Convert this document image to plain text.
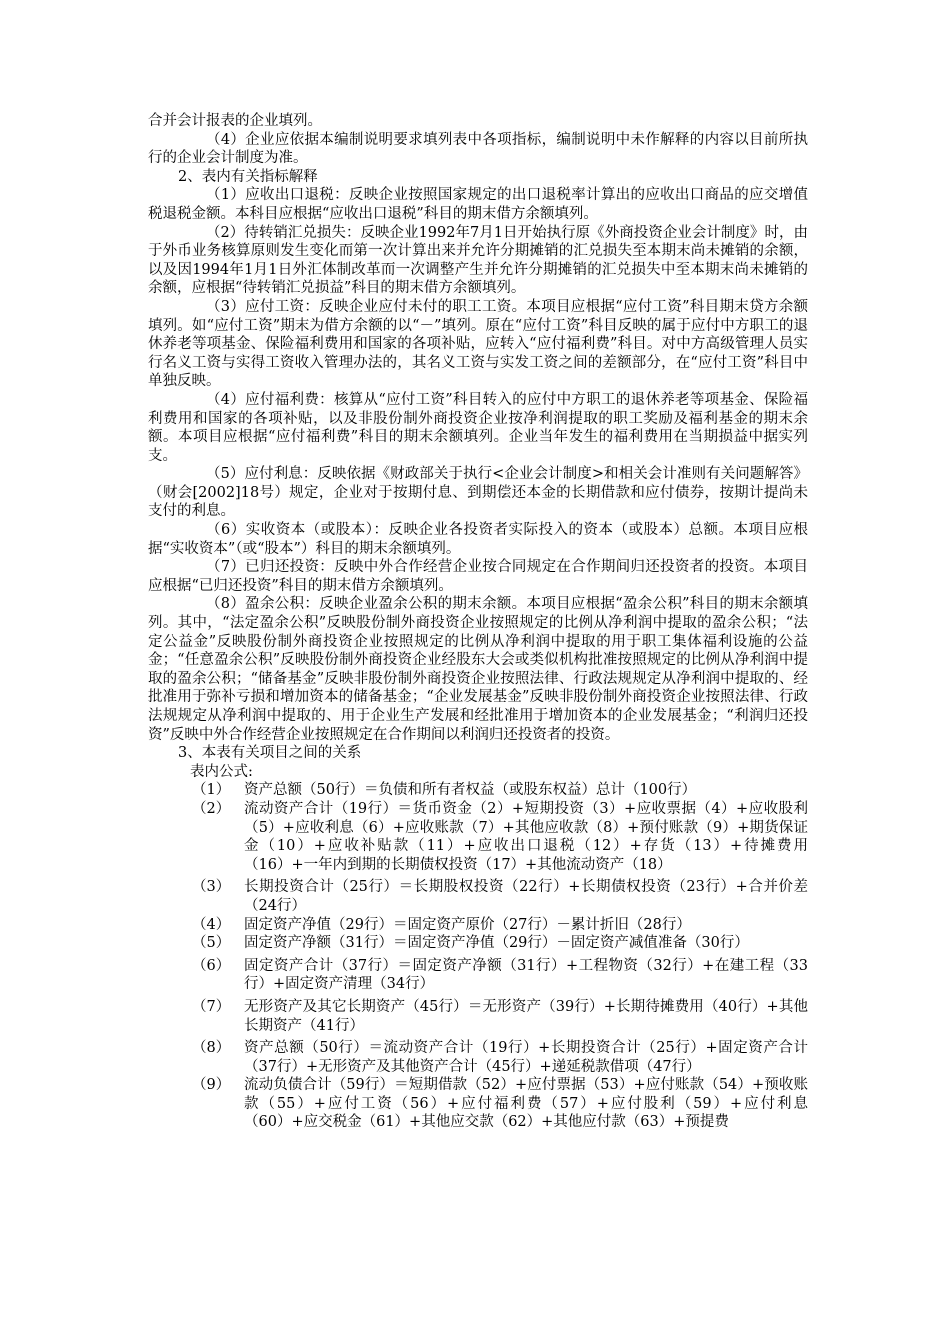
合并会计报表的企业填列。

（4）企业应依据本编制说明要求填列表中各项指标，编制说明中未作解释的内容以目前所执行的企业会计制度为准。

2、表内有关指标解释

（1）应收出口退税：反映企业按照国家规定的出口退税率计算出的应收出口商品的应交增值税退税金额。本科目应根据“应收出口退税”科目的期末借方余额填列。

（2）待转销汇兑损失：反映企业1992年7月1日开始执行原《外商投资企业会计制度》时，由于外币业务核算原则发生变化而第一次计算出来并允许分期摊销的汇兑损失至本期末尚未摊销的余额，以及因1994年1月1日外汇体制改革而一次调整产生并允许分期摊销的汇兑损失中至本期末尚未摊销的余额，应根据“待转销汇兑损益”科目的期末借方余额填列。

（3）应付工资：反映企业应付未付的职工工资。本项目应根据“应付工资”科目期末贷方余额填列。如“应付工资”期末为借方余额的以“－”填列。原在“应付工资”科目反映的属于应付中方职工的退休养老等项基金、保险福利费用和国家的各项补贴，应转入“应付福利费”科目。对中方高级管理人员实行名义工资与实得工资收入管理办法的，其名义工资与实发工资之间的差额部分，在“应付工资”科目中单独反映。

（4）应付福利费：核算从“应付工资”科目转入的应付中方职工的退休养老等项基金、保险福利费用和国家的各项补贴，以及非股份制外商投资企业按净利润提取的职工奖励及福利基金的期末余额。本项目应根据“应付福利费”科目的期末余额填列。企业当年发生的福利费用在当期损益中据实列支。

（5）应付利息：反映依据《财政部关于执行<企业会计制度>和相关会计准则有关问题解答》（财会[2002]18号）规定，企业对于按期付息、到期偿还本金的长期借款和应付债券，按期计提尚未支付的利息。

（6）实收资本（或股本）：反映企业各投资者实际投入的资本（或股本）总额。本项目应根据“实收资本”（或“股本”）科目的期末余额填列。

（7）已归还投资：反映中外合作经营企业按合同规定在合作期间归还投资者的投资。本项目应根据“已归还投资”科目的期末借方余额填列。

（8）盈余公积：反映企业盈余公积的期末余额。本项目应根据“盈余公积”科目的期末余额填列。其中，“法定盈余公积”反映股份制外商投资企业按照规定的比例从净利润中提取的盈余公积；“法定公益金”反映股份制外商投资企业按照规定的比例从净利润中提取的用于职工集体福利设施的公益金；“任意盈余公积”反映股份制外商投资企业经股东大会或类似机构批准按照规定的比例从净利润中提取的盈余公积；“储备基金”反映非股份制外商投资企业按照法律、行政法规规定从净利润中提取的、经批准用于弥补亏损和增加资本的储备基金；“企业发展基金”反映非股份制外商投资企业按照法律、行政法规规定从净利润中提取的、用于企业生产发展和经批准用于增加资本的企业发展基金；“利润归还投资”反映中外合作经营企业按照规定在合作期间以利润归还投资者的投资。

3、本表有关项目之间的关系

表内公式:

（1） 资产总额（50行）＝负债和所有者权益（或股东权益）总计（100行）
（2） 流动资产合计（19行）＝货币资金（2）+短期投资（3）+应收票据（4）+应收股利（5）+应收利息（6）+应收账款（7）+其他应收款（8）+预付账款（9）+期货保证金（10）+应收补贴款（11）+应收出口退税（12）+存货（13）+待摊费用（16）+一年内到期的长期债权投资（17）+其他流动资产（18）
（3） 长期投资合计（25行）＝长期股权投资（22行）+长期债权投资（23行）+合并价差（24行）
（4） 固定资产净值（29行）＝固定资产原价（27行）－累计折旧（28行）
（5） 固定资产净额（31行）＝固定资产净值（29行）－固定资产减值准备（30行）
（6） 固定资产合计（37行）＝固定资产净额（31行）+工程物资（32行）+在建工程（33行）+固定资产清理（34行）
（7） 无形资产及其它长期资产（45行）＝无形资产（39行）+长期待摊费用（40行）+其他长期资产（41行）
（8） 资产总额（50行）＝流动资产合计（19行）+长期投资合计（25行）+固定资产合计（37行）+无形资产及其他资产合计（45行）+递延税款借项（47行）
（9） 流动负债合计（59行）＝短期借款（52）+应付票据（53）+应付账款（54）+预收账款（55）+应付工资（56）+应付福利费（57）+应付股利（59）+应付利息（60）+应交税金（61）+其他应交款（62）+其他应付款（63）+预提费
